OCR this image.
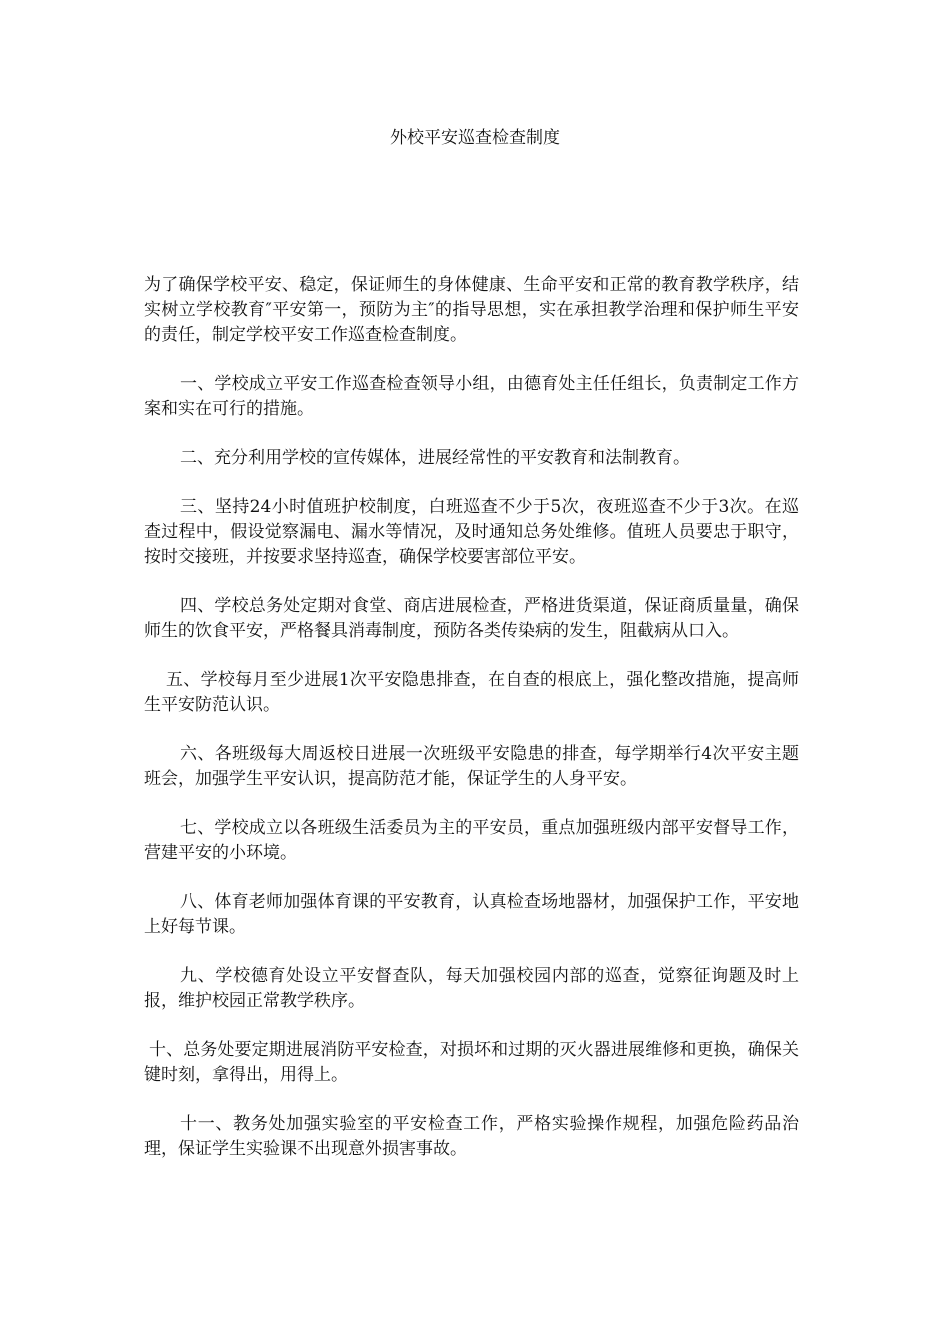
外校平安巡查检查制度

为了确保学校平安、稳定，保证师生的身体健康、生命平安和正常的教育教学秩序，结实树立学校教育″平安第一，预防为主″的指导思想，实在承担教学治理和保护师生平安的责任，制定学校平安工作巡查检查制度。

一、学校成立平安工作巡查检查领导小组，由德育处主任任组长，负责制定工作方案和实在可行的措施。

二、充分利用学校的宣传媒体，进展经常性的平安教育和法制教育。

三、坚持24小时值班护校制度，白班巡查不少于5次，夜班巡查不少于3次。在巡查过程中，假设觉察漏电、漏水等情况，及时通知总务处维修。值班人员要忠于职守，按时交接班，并按要求坚持巡查，确保学校要害部位平安。

四、学校总务处定期对食堂、商店进展检查，严格进货渠道，保证商质量量，确保师生的饮食平安，严格餐具消毒制度，预防各类传染病的发生，阻截病从口入。

五、学校每月至少进展1次平安隐患排查，在自查的根底上，强化整改措施，提高师生平安防范认识。

六、各班级每大周返校日进展一次班级平安隐患的排查，每学期举行4次平安主题班会，加强学生平安认识，提高防范才能，保证学生的人身平安。

七、学校成立以各班级生活委员为主的平安员，重点加强班级内部平安督导工作，营建平安的小环境。

八、体育老师加强体育课的平安教育，认真检查场地器材，加强保护工作，平安地上好每节课。

九、学校德育处设立平安督查队，每天加强校园内部的巡查，觉察征询题及时上报，维护校园正常教学秩序。

十、总务处要定期进展消防平安检查，对损坏和过期的灭火器进展维修和更换，确保关键时刻，拿得出，用得上。

十一、教务处加强实验室的平安检查工作，严格实验操作规程，加强危险药品治理，保证学生实验课不出现意外损害事故。
